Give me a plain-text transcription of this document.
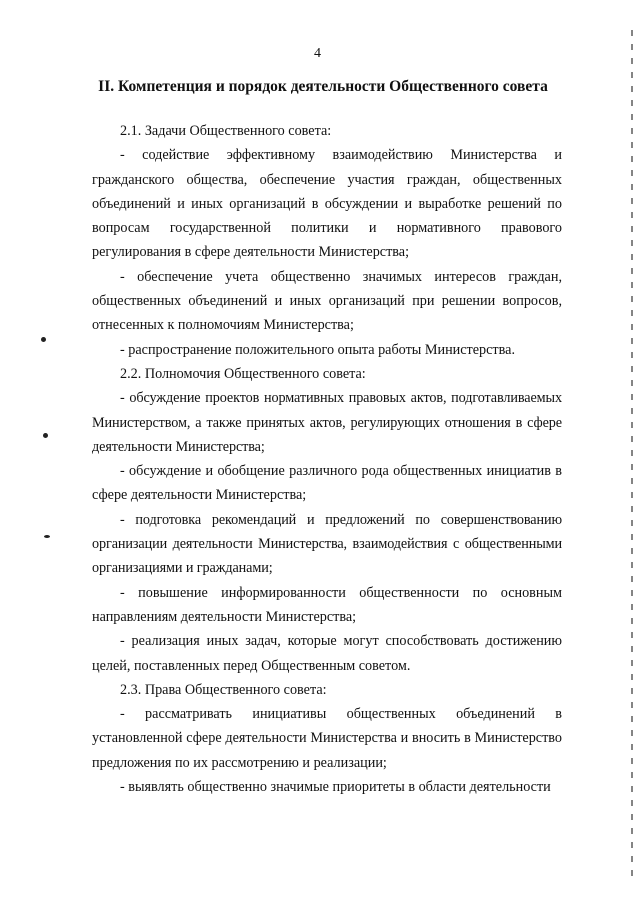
4
II. Компетенция и порядок деятельности Общественного совета

2.1. Задачи Общественного совета:

- содействие эффективному взаимодействию Министерства и гражданского общества, обеспечение участия граждан, общественных объединений и иных организаций в обсуждении и выработке решений по вопросам государственной политики и нормативного правового регулирования в сфере деятельности Министерства;

- обеспечение учета общественно значимых интересов граждан, общественных объединений и иных организаций при решении вопросов, отнесенных к полномочиям Министерства;

- распространение положительного опыта работы Министерства.

2.2. Полномочия Общественного совета:

- обсуждение проектов нормативных правовых актов, подготавливаемых Министерством, а также принятых актов, регулирующих отношения в сфере деятельности Министерства;

- обсуждение и обобщение различного рода общественных инициатив в сфере деятельности Министерства;

- подготовка рекомендаций и предложений по совершенствованию организации деятельности Министерства, взаимодействия с общественными организациями и гражданами;

- повышение информированности общественности по основным направлениям деятельности Министерства;

- реализация иных задач, которые могут способствовать достижению целей, поставленных перед Общественным советом.

2.3. Права Общественного совета:

- рассматривать инициативы общественных объединений в установленной сфере деятельности Министерства и вносить в Министерство предложения по их рассмотрению и реализации;

- выявлять общественно значимые приоритеты в области деятельности
